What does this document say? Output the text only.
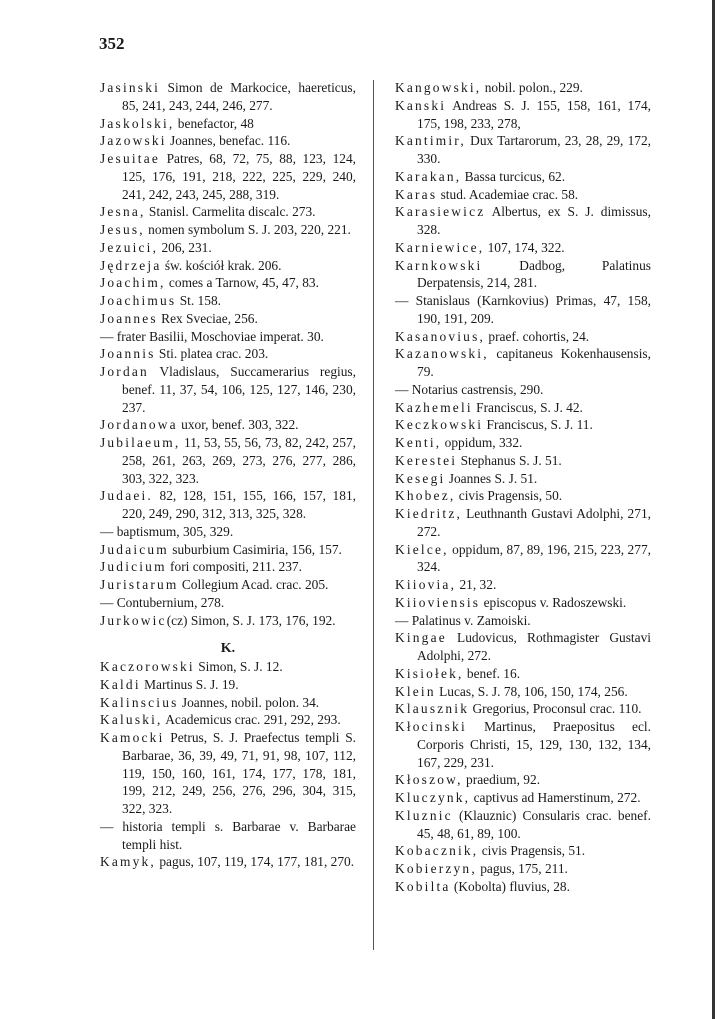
352
Jasinski Simon de Markocice, haereticus, 85, 241, 243, 244, 246, 277.
Jaskolski, benefactor, 48
Jazowski Joannes, benefac. 116.
Jesuitae Patres, 68, 72, 75, 88, 123, 124, 125, 176, 191, 218, 222, 225, 229, 240, 241, 242, 243, 245, 288, 319.
Jesna, Stanisl. Carmelita discalc. 273.
Jesus, nomen symbolum S. J. 203, 220, 221.
Jezuici, 206, 231.
Jędrzeja św. kościół krak. 206.
Joachim, comes a Tarnow, 45, 47, 83.
Joachimus St. 158.
Joannes Rex Sveciae, 256.
— frater Basilii, Moschoviae imperat. 30.
Joannis Sti. platea crac. 203.
Jordan Vladislaus, Succamerarius regius, benef. 11, 37, 54, 106, 125, 127, 146, 230, 237.
Jordanowa uxor, benef. 303, 322.
Jubilaeum, 11, 53, 55, 56, 73, 82, 242, 257, 258, 261, 263, 269, 273, 276, 277, 286, 303, 322, 323.
Judaei. 82, 128, 151, 155, 166, 157, 181, 220, 249, 290, 312, 313, 325, 328.
— baptismum, 305, 329.
Judaicum suburbium Casimiria, 156, 157.
Judicium fori compositi, 211. 237.
Juristarum Collegium Acad. crac. 205.
— Contubernium, 278.
Jurkowic(cz) Simon, S. J. 173, 176, 192.
K.
Kaczorowski Simon, S. J. 12.
Kaldi Martinus S. J. 19.
Kalinscius Joannes, nobil. polon. 34.
Kaluski, Academicus crac. 291, 292, 293.
Kamocki Petrus, S. J. Praefectus templi S. Barbarae, 36, 39, 49, 71, 91, 98, 107, 112, 119, 150, 160, 161, 174, 177, 178, 181, 199, 212, 249, 256, 276, 296, 304, 315, 322, 323.
— historia templi s. Barbarae v. Barbarae templi hist.
Kamyk, pagus, 107, 119, 174, 177, 181, 270.
Kangowski, nobil. polon., 229.
Kanski Andreas S. J. 155, 158, 161, 174, 175, 198, 233, 278,
Kantimir, Dux Tartarorum, 23, 28, 29, 172, 330.
Karakan, Bassa turcicus, 62.
Karas stud. Academiae crac. 58.
Karasiewicz Albertus, ex S. J. dimissus, 328.
Karniewice, 107, 174, 322.
Karnkowski Dadbog, Palatinus Derpatensis, 214, 281.
— Stanislaus (Karnkovius) Primas, 47, 158, 190, 191, 209.
Kasanovius, praef. cohortis, 24.
Kazanowski, capitaneus Kokenhausensis, 79.
— Notarius castrensis, 290.
Kazhemeli Franciscus, S. J. 42.
Keczkowski Franciscus, S. J. 11.
Kenti, oppidum, 332.
Kerestei Stephanus S. J. 51.
Kesegi Joannes S. J. 51.
Khobez, civis Pragensis, 50.
Kiedritz, Leuthnanth Gustavi Adolphi, 271, 272.
Kielce, oppidum, 87, 89, 196, 215, 223, 277, 324.
Kiiovia, 21, 32.
Kiioviensis episcopus v. Radoszewski.
— Palatinus v. Zamoiski.
Kingae Ludovicus, Rothmagister Gustavi Adolphi, 272.
Kisiołek, benef. 16.
Klein Lucas, S. J. 78, 106, 150, 174, 256.
Klausznik Gregorius, Proconsul crac. 110.
Kłocinski Martinus, Praepositus ecl. Corporis Christi, 15, 129, 130, 132, 134, 167, 229, 231.
Kłoszow, praedium, 92.
Kluczynk, captivus ad Hamerstinum, 272.
Kluznic (Klauznic) Consularis crac. benef. 45, 48, 61, 89, 100.
Kobacznik, civis Pragensis, 51.
Kobierzyn, pagus, 175, 211.
Kobilta (Kobolta) fluvius, 28.
